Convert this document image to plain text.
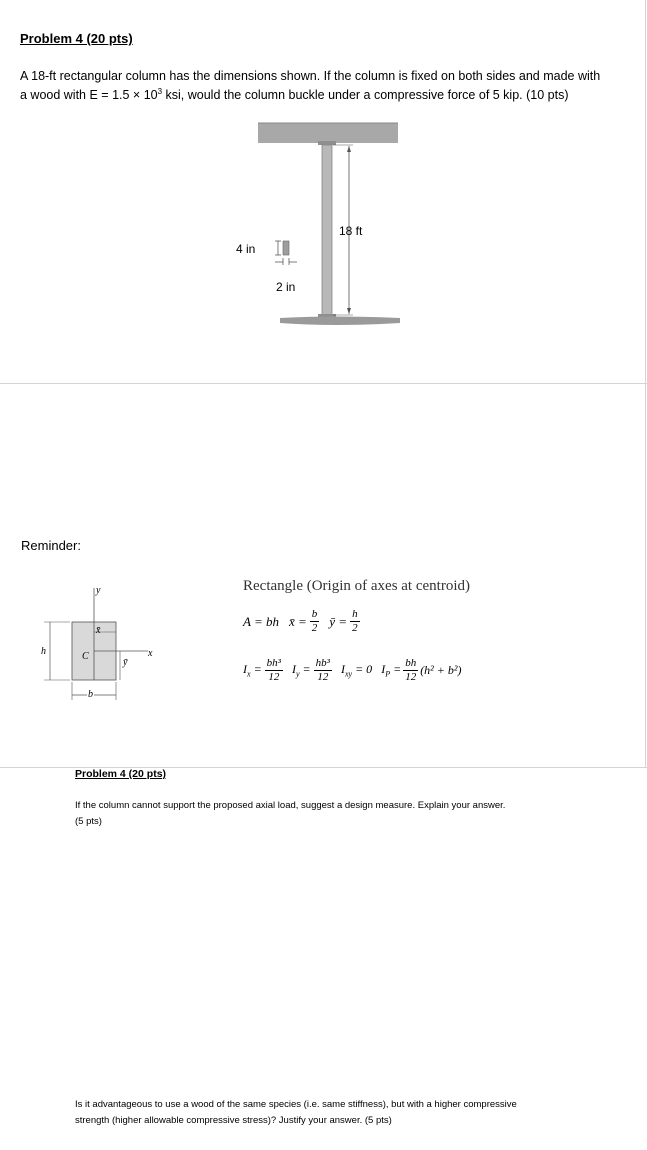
Problem 4 (20 pts)
A 18-ft rectangular column has the dimensions shown. If the column is fixed on both sides and made with
a wood with $E = 1.5 \times 10^3$ ksi, would the column buckle under a compressive force of 5 kip. (10 pts)
4 in
2 in
18 ft
Reminder:
y
x̄
C
ȳ
x
h
b
Rectangle (Origin of axes at centroid)
A = bh x̄ = $\frac{b}{2}$ ȳ = $\frac{h}{2}$
$I_x = \frac{\text{bh³}}{12} I_y = \frac{\text{hb³}}{12} I_{xy} = 0$ $I_P = \frac{bh}{12} (h^2 + b^2)$
Problem 4 (20 pts)
If the column cannot support the proposed axial load, suggest a design measure. Explain your answer.
(5 pts)
Is it advantageous to use a wood of the same species (i.e. same stiffness), but with a higher compressive
strength (higher allowable compressive stress)? Justify your answer. (5 pts)
